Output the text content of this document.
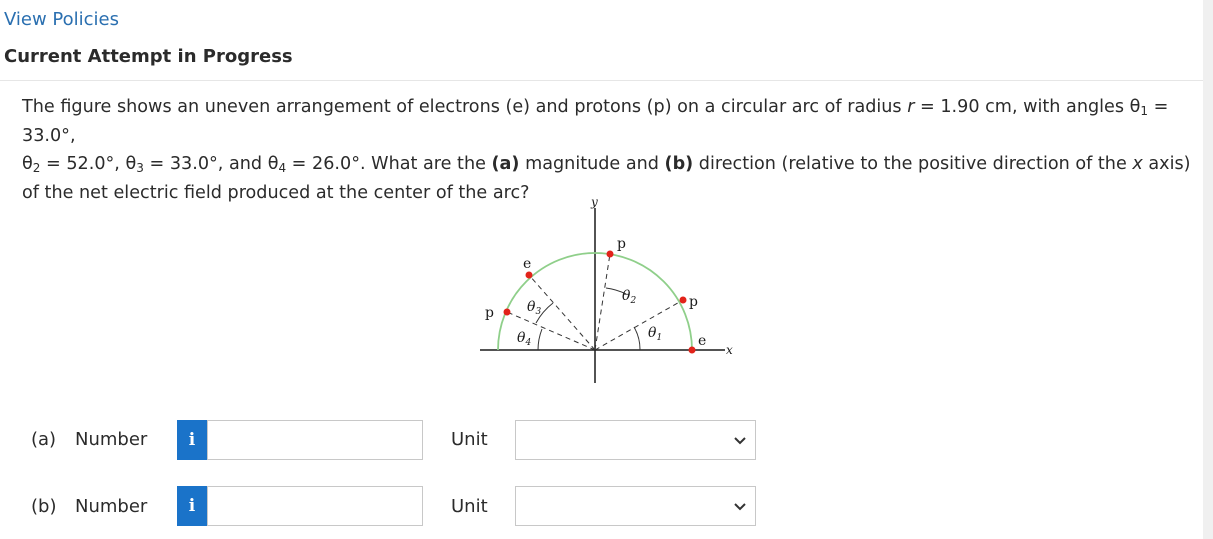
View Policies
Current Attempt in Progress
The figure shows an uneven arrangement of electrons (e) and protons (p) on a circular arc of radius r = 1.90 cm, with angles $\theta_1 = 33.0^\circ$,
$\theta_2 = 52.0^\circ$, $\theta_3 = 33.0^\circ$, and $\theta_4 = 26.0^\circ$. What are the (a) magnitude and (b) direction (relative to the positive direction of the x axis) of the net electric field produced at the center of the arc?	y
x
p
e
p
p
e
$\theta_1$
$\theta_2$
$\theta_3$
$\theta_4$
(a) Number	i	Unit
(b) Number	i	Unit
